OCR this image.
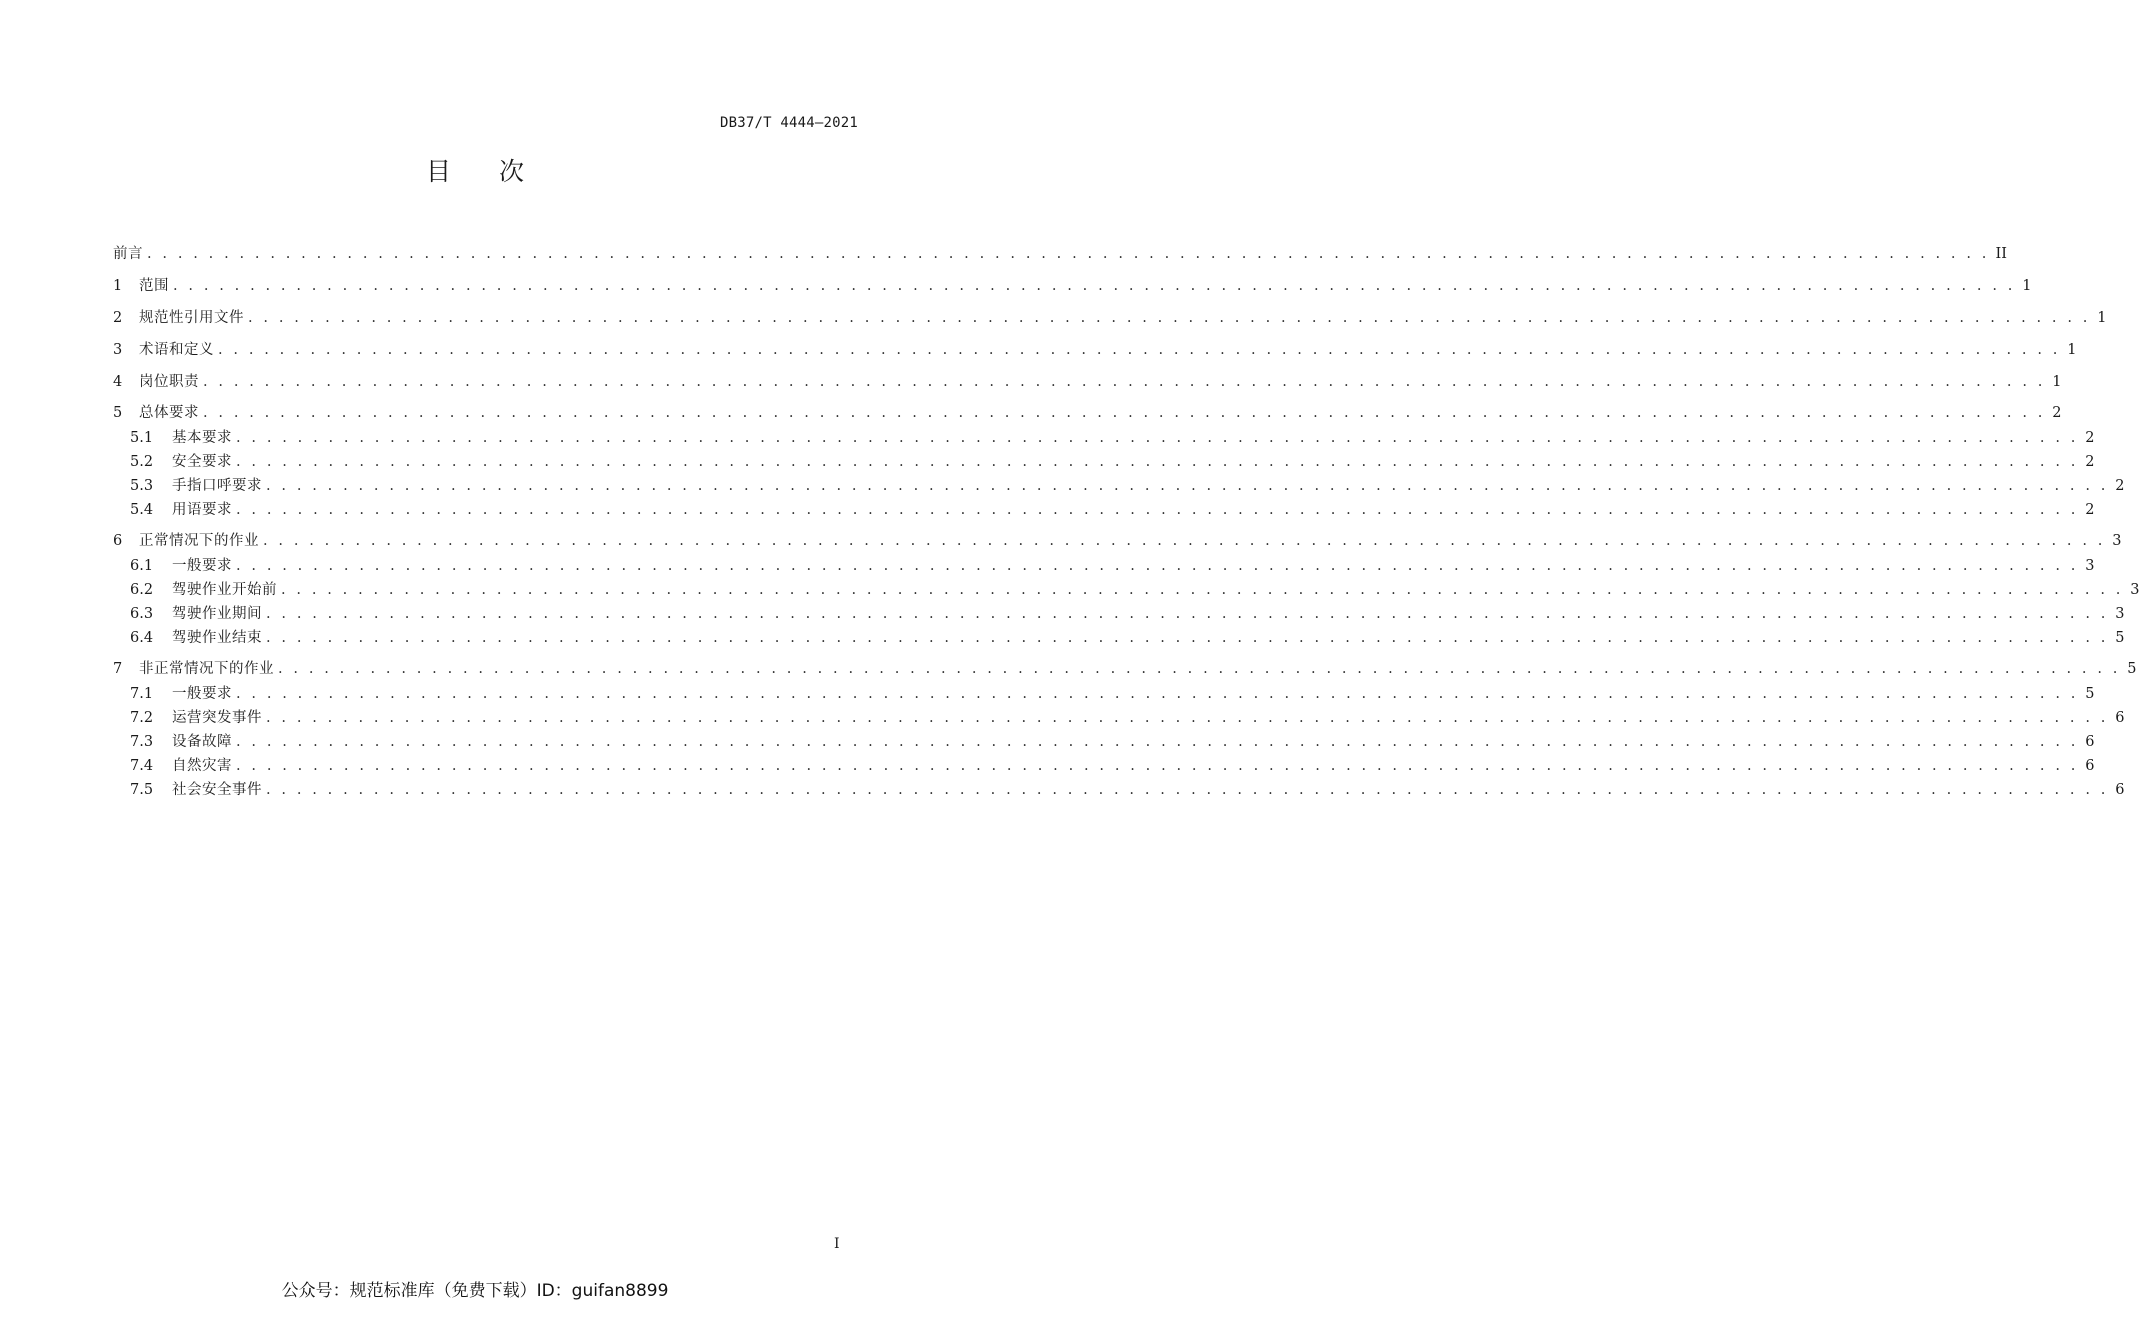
DB37/T 4444—2021
目次
前言 . . . . . . . . . . . . . . . . . . . . . . . . . . . . . . . . . . . . . . . . . . . . . . . . . . . . . . . . . . . . . . . . . . . . . . . . . . . . . . . . . . . . . . . . . . . . . . . . . . . . . . . . . . . . . . . . . . . . . . . . II
1	范围 . . . . . . . . . . . . . . . . . . . . . . . . . . . . . . . . . . . . . . . . . . . . . . . . . . . . . . . . . . . . . . . . . . . . . . . . . . . . . . . . . . . . . . . . . . . . . . . . . . . . . . . . . . . . . . . . . . . . . . . . 1
2	规范性引用文件 . . . . . . . . . . . . . . . . . . . . . . . . . . . . . . . . . . . . . . . . . . . . . . . . . . . . . . . . . . . . . . . . . . . . . . . . . . . . . . . . . . . . . . . . . . . . . . . . . . . . . . . . . . . . . . . . . . . . . . . . 1
3	术语和定义 . . . . . . . . . . . . . . . . . . . . . . . . . . . . . . . . . . . . . . . . . . . . . . . . . . . . . . . . . . . . . . . . . . . . . . . . . . . . . . . . . . . . . . . . . . . . . . . . . . . . . . . . . . . . . . . . . . . . . . . . 1
4	岗位职责 . . . . . . . . . . . . . . . . . . . . . . . . . . . . . . . . . . . . . . . . . . . . . . . . . . . . . . . . . . . . . . . . . . . . . . . . . . . . . . . . . . . . . . . . . . . . . . . . . . . . . . . . . . . . . . . . . . . . . . . . 1
5	总体要求 . . . . . . . . . . . . . . . . . . . . . . . . . . . . . . . . . . . . . . . . . . . . . . . . . . . . . . . . . . . . . . . . . . . . . . . . . . . . . . . . . . . . . . . . . . . . . . . . . . . . . . . . . . . . . . . . . . . . . . . . 2
5.1	基本要求 . . . . . . . . . . . . . . . . . . . . . . . . . . . . . . . . . . . . . . . . . . . . . . . . . . . . . . . . . . . . . . . . . . . . . . . . . . . . . . . . . . . . . . . . . . . . . . . . . . . . . . . . . . . . . . . . . . . . . . . . 2
5.2	安全要求 . . . . . . . . . . . . . . . . . . . . . . . . . . . . . . . . . . . . . . . . . . . . . . . . . . . . . . . . . . . . . . . . . . . . . . . . . . . . . . . . . . . . . . . . . . . . . . . . . . . . . . . . . . . . . . . . . . . . . . . . 2
5.3	手指口呼要求 . . . . . . . . . . . . . . . . . . . . . . . . . . . . . . . . . . . . . . . . . . . . . . . . . . . . . . . . . . . . . . . . . . . . . . . . . . . . . . . . . . . . . . . . . . . . . . . . . . . . . . . . . . . . . . . . . . . . . . . . 2
5.4	用语要求 . . . . . . . . . . . . . . . . . . . . . . . . . . . . . . . . . . . . . . . . . . . . . . . . . . . . . . . . . . . . . . . . . . . . . . . . . . . . . . . . . . . . . . . . . . . . . . . . . . . . . . . . . . . . . . . . . . . . . . . . 2
6	正常情况下的作业 . . . . . . . . . . . . . . . . . . . . . . . . . . . . . . . . . . . . . . . . . . . . . . . . . . . . . . . . . . . . . . . . . . . . . . . . . . . . . . . . . . . . . . . . . . . . . . . . . . . . . . . . . . . . . . . . . . . . . . . . 3
6.1	一般要求 . . . . . . . . . . . . . . . . . . . . . . . . . . . . . . . . . . . . . . . . . . . . . . . . . . . . . . . . . . . . . . . . . . . . . . . . . . . . . . . . . . . . . . . . . . . . . . . . . . . . . . . . . . . . . . . . . . . . . . . . 3
6.2	驾驶作业开始前 . . . . . . . . . . . . . . . . . . . . . . . . . . . . . . . . . . . . . . . . . . . . . . . . . . . . . . . . . . . . . . . . . . . . . . . . . . . . . . . . . . . . . . . . . . . . . . . . . . . . . . . . . . . . . . . . . . . . . . . . 3
6.3	驾驶作业期间 . . . . . . . . . . . . . . . . . . . . . . . . . . . . . . . . . . . . . . . . . . . . . . . . . . . . . . . . . . . . . . . . . . . . . . . . . . . . . . . . . . . . . . . . . . . . . . . . . . . . . . . . . . . . . . . . . . . . . . . . 3
6.4	驾驶作业结束 . . . . . . . . . . . . . . . . . . . . . . . . . . . . . . . . . . . . . . . . . . . . . . . . . . . . . . . . . . . . . . . . . . . . . . . . . . . . . . . . . . . . . . . . . . . . . . . . . . . . . . . . . . . . . . . . . . . . . . . . 5
7	非正常情况下的作业 . . . . . . . . . . . . . . . . . . . . . . . . . . . . . . . . . . . . . . . . . . . . . . . . . . . . . . . . . . . . . . . . . . . . . . . . . . . . . . . . . . . . . . . . . . . . . . . . . . . . . . . . . . . . . . . . . . . . . . . . 5
7.1	一般要求 . . . . . . . . . . . . . . . . . . . . . . . . . . . . . . . . . . . . . . . . . . . . . . . . . . . . . . . . . . . . . . . . . . . . . . . . . . . . . . . . . . . . . . . . . . . . . . . . . . . . . . . . . . . . . . . . . . . . . . . . 5
7.2	运营突发事件 . . . . . . . . . . . . . . . . . . . . . . . . . . . . . . . . . . . . . . . . . . . . . . . . . . . . . . . . . . . . . . . . . . . . . . . . . . . . . . . . . . . . . . . . . . . . . . . . . . . . . . . . . . . . . . . . . . . . . . . . 6
7.3	设备故障 . . . . . . . . . . . . . . . . . . . . . . . . . . . . . . . . . . . . . . . . . . . . . . . . . . . . . . . . . . . . . . . . . . . . . . . . . . . . . . . . . . . . . . . . . . . . . . . . . . . . . . . . . . . . . . . . . . . . . . . . 6
7.4	自然灾害 . . . . . . . . . . . . . . . . . . . . . . . . . . . . . . . . . . . . . . . . . . . . . . . . . . . . . . . . . . . . . . . . . . . . . . . . . . . . . . . . . . . . . . . . . . . . . . . . . . . . . . . . . . . . . . . . . . . . . . . . 6
7.5	社会安全事件 . . . . . . . . . . . . . . . . . . . . . . . . . . . . . . . . . . . . . . . . . . . . . . . . . . . . . . . . . . . . . . . . . . . . . . . . . . . . . . . . . . . . . . . . . . . . . . . . . . . . . . . . . . . . . . . . . . . . . . . . 6
I
公众号：规范标准库（免费下载）ID：guifan8899
